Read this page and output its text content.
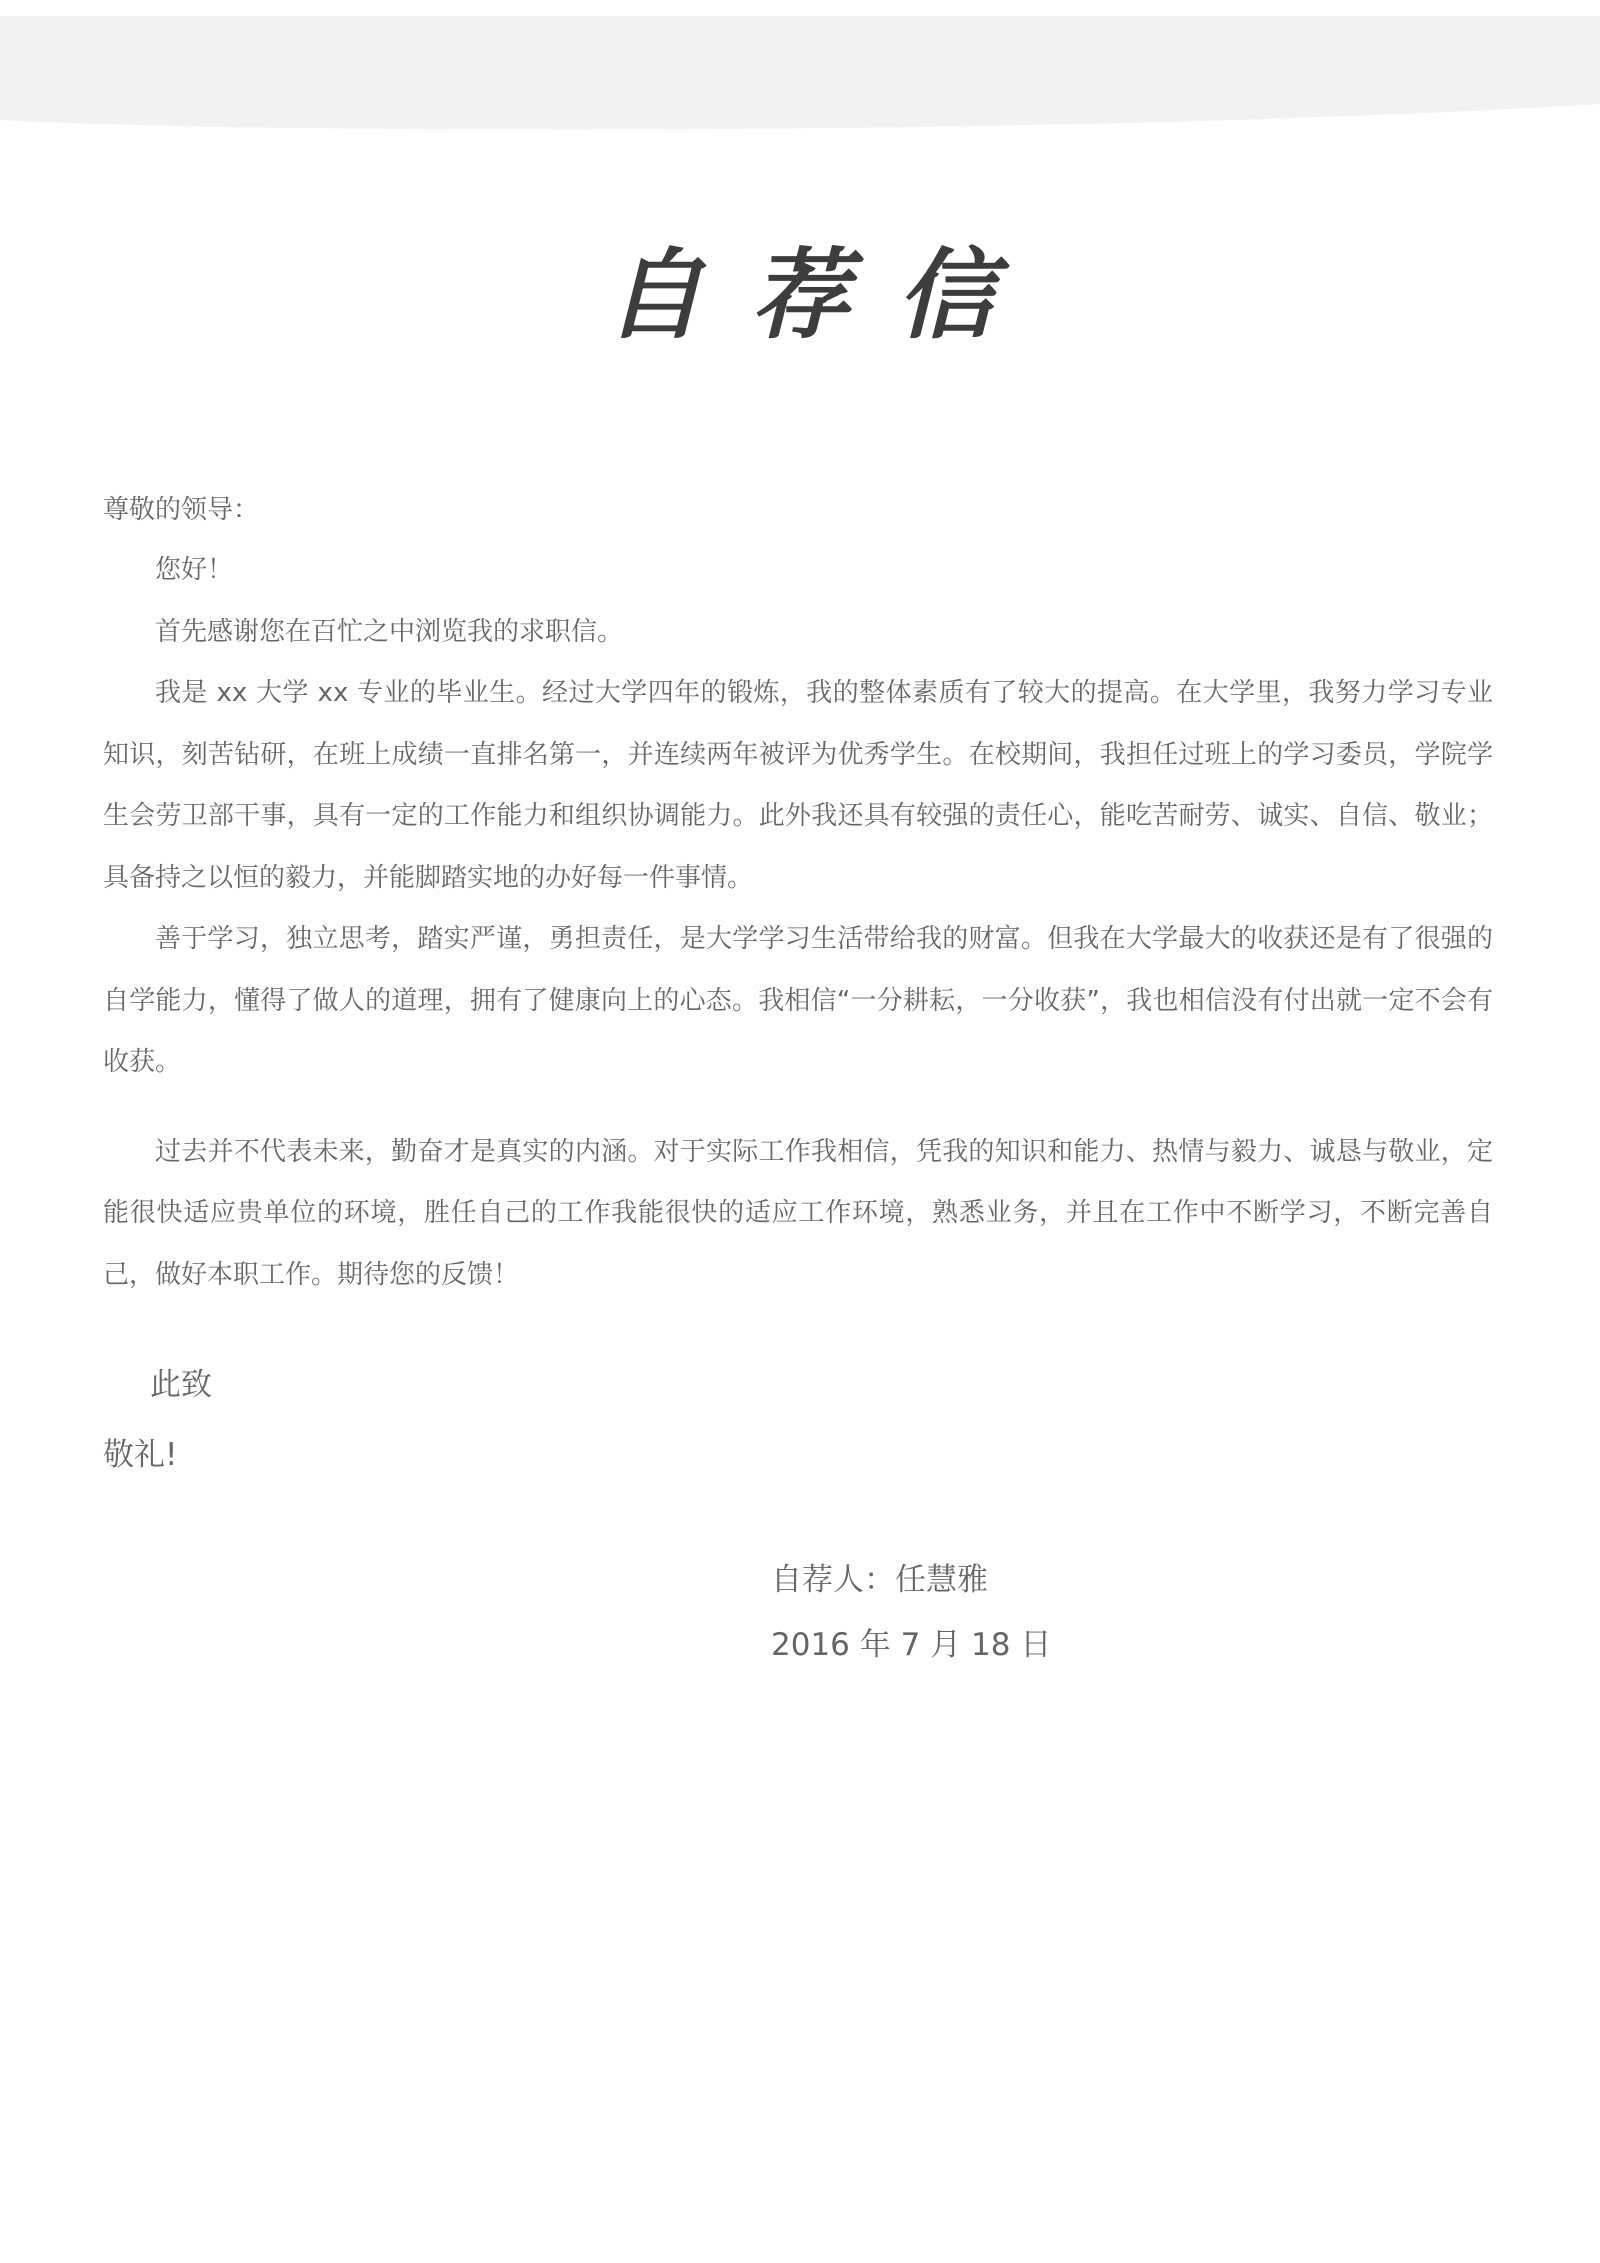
自荐信

尊敬的领导：

您好！

首先感谢您在百忙之中浏览我的求职信。

我是 xx 大学 xx 专业的毕业生。经过大学四年的锻炼，我的整体素质有了较大的提高。在大学里，我努力学习专业知识，刻苦钻研，在班上成绩一直排名第一，并连续两年被评为优秀学生。在校期间，我担任过班上的学习委员，学院学生会劳卫部干事，具有一定的工作能力和组织协调能力。此外我还具有较强的责任心，能吃苦耐劳、诚实、自信、敬业；具备持之以恒的毅力，并能脚踏实地的办好每一件事情。

善于学习，独立思考，踏实严谨，勇担责任，是大学学习生活带给我的财富。但我在大学最大的收获还是有了很强的自学能力，懂得了做人的道理，拥有了健康向上的心态。我相信“一分耕耘，一分收获”，我也相信没有付出就一定不会有收获。

过去并不代表未来，勤奋才是真实的内涵。对于实际工作我相信，凭我的知识和能力、热情与毅力、诚恳与敬业，定能很快适应贵单位的环境，胜任自己的工作我能很快的适应工作环境，熟悉业务，并且在工作中不断学习，不断完善自己，做好本职工作。期待您的反馈！

此致

敬礼!

自荐人：任慧雅

2016 年 7 月 18 日
